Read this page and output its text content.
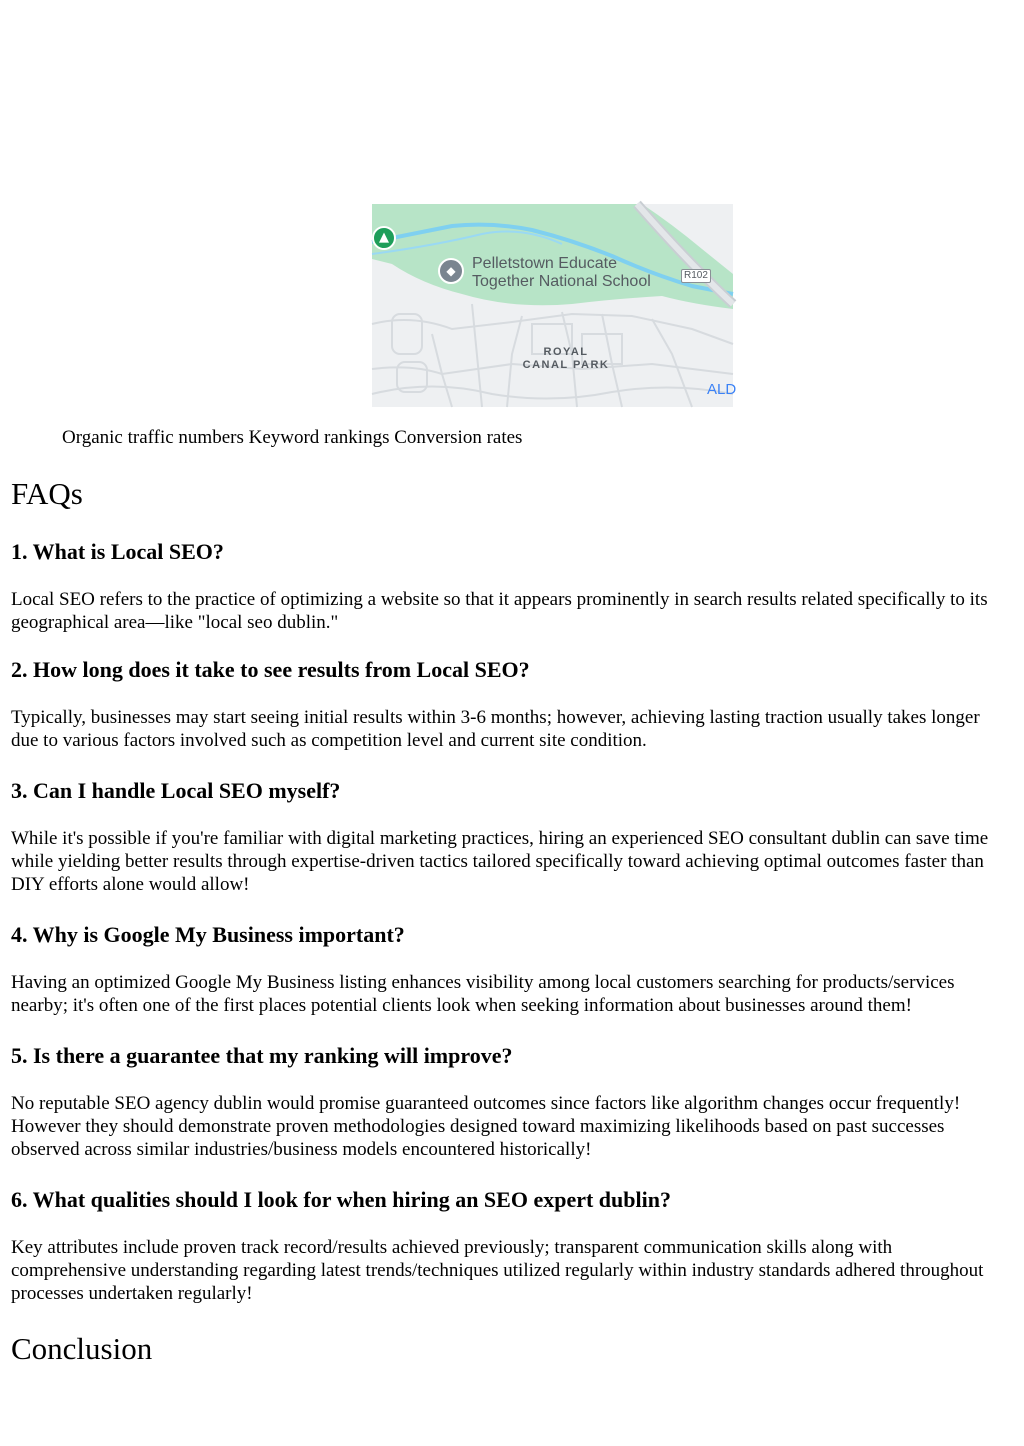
▲
◆	Pelletstown Educate
Together National School	R102
ROYAL
CANAL PARK
ALD
Organic traffic numbers Keyword rankings Conversion rates
FAQs
1. What is Local SEO?

Local SEO refers to the practice of optimizing a website so that it appears prominently in search results related specifically to its geographical area—like "local seo dublin."

2. How long does it take to see results from Local SEO?

Typically, businesses may start seeing initial results within 3-6 months; however, achieving lasting traction usually takes longer due to various factors involved such as competition level and current site condition.

3. Can I handle Local SEO myself?

While it's possible if you're familiar with digital marketing practices, hiring an experienced SEO consultant dublin can save time while yielding better results through expertise-driven tactics tailored specifically toward achieving optimal outcomes faster than DIY efforts alone would allow!

4. Why is Google My Business important?

Having an optimized Google My Business listing enhances visibility among local customers searching for products/services nearby; it's often one of the first places potential clients look when seeking information about businesses around them!

5. Is there a guarantee that my ranking will improve?

No reputable SEO agency dublin would promise guaranteed outcomes since factors like algorithm changes occur frequently! However they should demonstrate proven methodologies designed toward maximizing likelihoods based on past successes observed across similar industries/business models encountered historically!

6. What qualities should I look for when hiring an SEO expert dublin?

Key attributes include proven track record/results achieved previously; transparent communication skills along with comprehensive understanding regarding latest trends/techniques utilized regularly within industry standards adhered throughout processes undertaken regularly!

Conclusion
